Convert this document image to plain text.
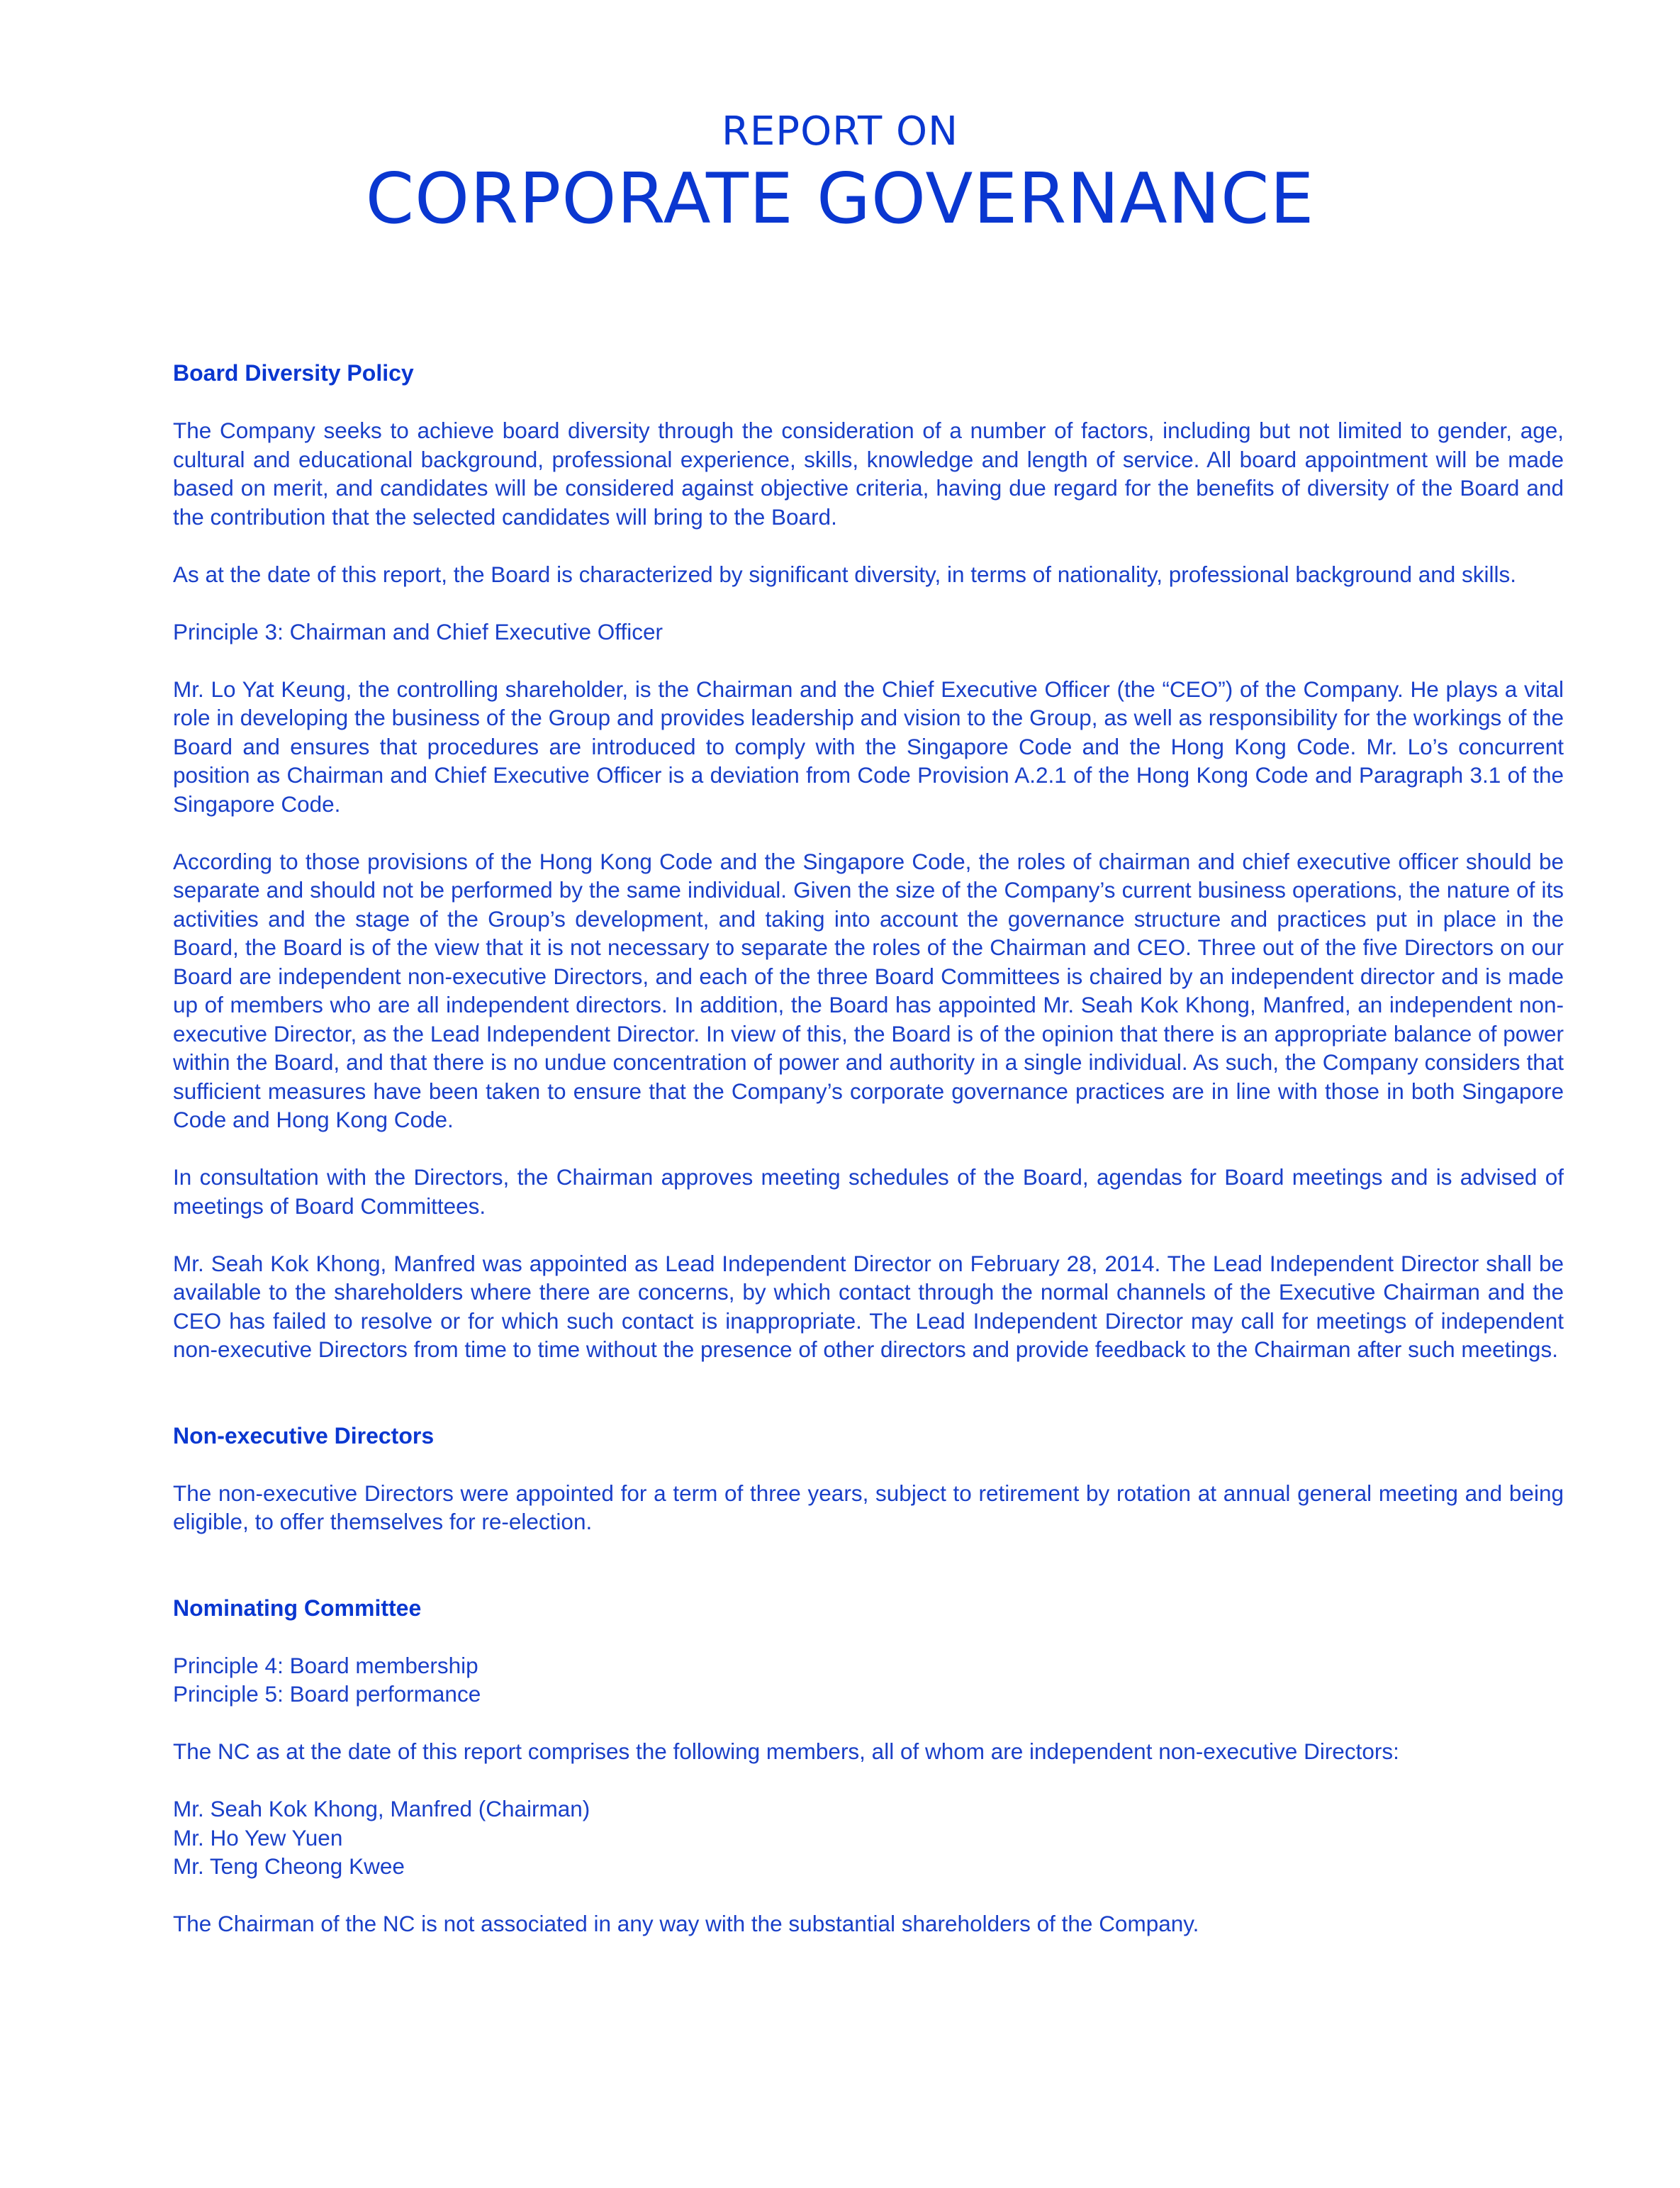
REPORT ON
CORPORATE GOVERNANCE
Board Diversity Policy

The Company seeks to achieve board diversity through the consideration of a number of factors, including but not limited to gender, age, cultural and educational background, professional experience, skills, knowledge and length of service. All board appointment will be made based on merit, and candidates will be considered against objective criteria, having due regard for the benefits of diversity of the Board and the contribution that the selected candidates will bring to the Board.

As at the date of this report, the Board is characterized by significant diversity, in terms of nationality, professional background and skills.

Principle 3: Chairman and Chief Executive Officer

Mr. Lo Yat Keung, the controlling shareholder, is the Chairman and the Chief Executive Officer (the “CEO”) of the Company. He plays a vital role in developing the business of the Group and provides leadership and vision to the Group, as well as responsibility for the workings of the Board and ensures that procedures are introduced to comply with the Singapore Code and the Hong Kong Code. Mr. Lo’s concurrent position as Chairman and Chief Executive Officer is a deviation from Code Provision A.2.1 of the Hong Kong Code and Paragraph 3.1 of the Singapore Code.

According to those provisions of the Hong Kong Code and the Singapore Code, the roles of chairman and chief executive officer should be separate and should not be performed by the same individual. Given the size of the Company’s current business operations, the nature of its activities and the stage of the Group’s development, and taking into account the governance structure and practices put in place in the Board, the Board is of the view that it is not necessary to separate the roles of the Chairman and CEO. Three out of the five Directors on our Board are independent non-executive Directors, and each of the three Board Committees is chaired by an independent director and is made up of members who are all independent directors. In addition, the Board has appointed Mr. Seah Kok Khong, Manfred, an independent non-executive Director, as the Lead Independent Director. In view of this, the Board is of the opinion that there is an appropriate balance of power within the Board, and that there is no undue concentration of power and authority in a single individual. As such, the Company considers that sufficient measures have been taken to ensure that the Company’s corporate governance practices are in line with those in both Singapore Code and Hong Kong Code.

In consultation with the Directors, the Chairman approves meeting schedules of the Board, agendas for Board meetings and is advised of meetings of Board Committees.

Mr. Seah Kok Khong, Manfred was appointed as Lead Independent Director on February 28, 2014. The Lead Independent Director shall be available to the shareholders where there are concerns, by which contact through the normal channels of the Executive Chairman and the CEO has failed to resolve or for which such contact is inappropriate. The Lead Independent Director may call for meetings of independent non-executive Directors from time to time without the presence of other directors and provide feedback to the Chairman after such meetings.

Non-executive Directors

The non-executive Directors were appointed for a term of three years, subject to retirement by rotation at annual general meeting and being eligible, to offer themselves for re-election.

Nominating Committee
Principle 4: Board membership
Principle 5: Board performance

The NC as at the date of this report comprises the following members, all of whom are independent non-executive Directors:

Mr. Seah Kok Khong, Manfred (Chairman)
Mr. Ho Yew Yuen
Mr. Teng Cheong Kwee

The Chairman of the NC is not associated in any way with the substantial shareholders of the Company.
